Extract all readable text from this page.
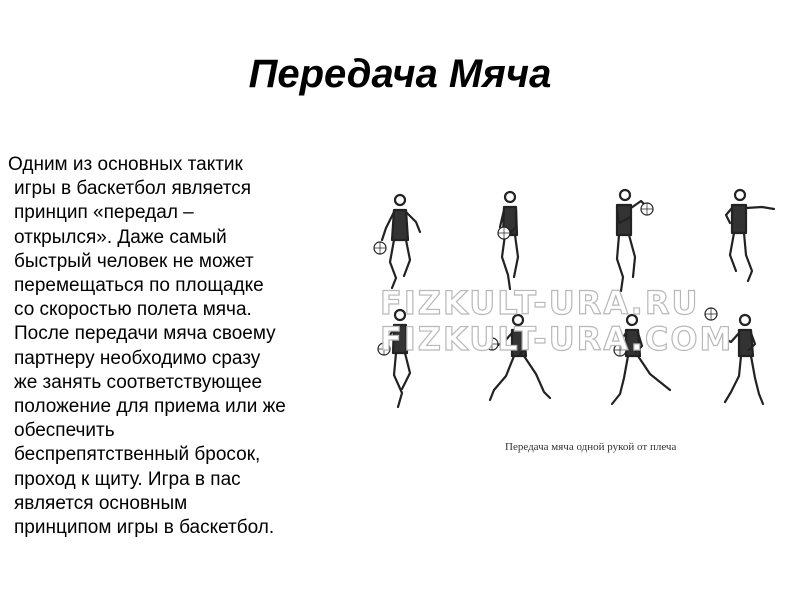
Передача Мяча
Одним из основных тактик
игры в баскетбол является
принцип «передал –
открылся». Даже самый
быстрый человек не может
перемещаться по площадке
со скоростью полета мяча.
После передачи мяча своему
партнеру необходимо сразу
же занять соответствующее
положение для приема или же
обеспечить
беспрепятственный бросок,
проход к щиту. Игра в пас
является основным
принципом игры в баскетбол.
FIZKULT-URA.RU
FIZKULT-URA.COM
Передача мяча одной рукой от плеча
